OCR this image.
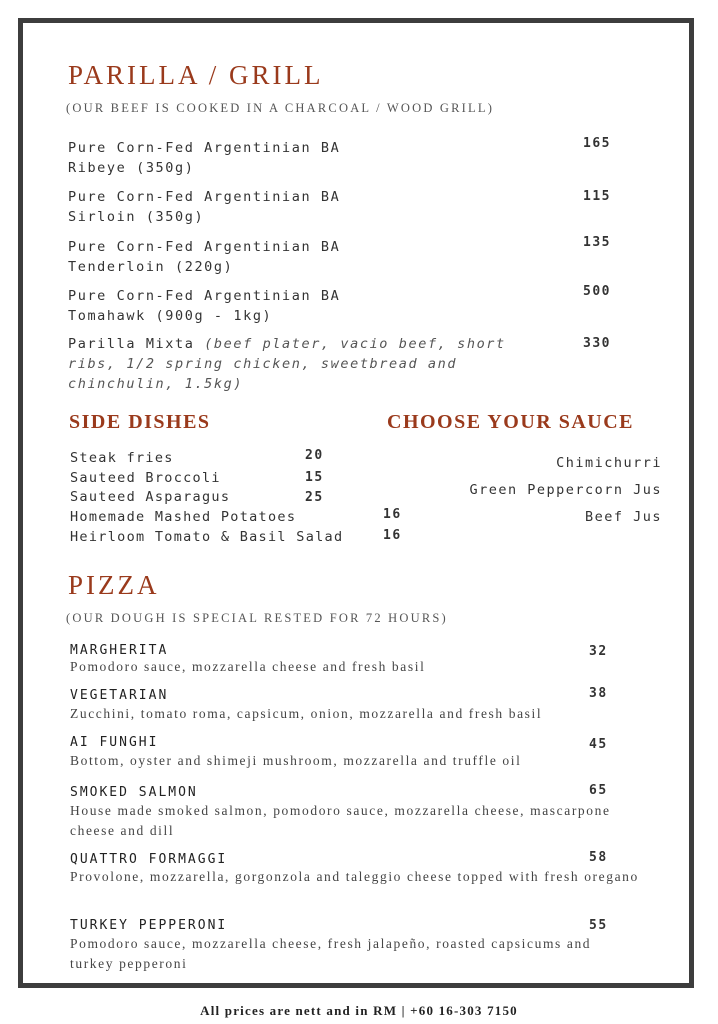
PARILLA / GRILL
(OUR BEEF IS COOKED IN A CHARCOAL / WOOD GRILL)
Pure Corn-Fed Argentinian BA
Ribeye (350g)
165
Pure Corn-Fed Argentinian BA
Sirloin (350g)
115
Pure Corn-Fed Argentinian BA
Tenderloin (220g)
135
Pure Corn-Fed Argentinian BA
Tomahawk (900g - 1kg)
500
Parilla Mixta (beef plater, vacio beef, short
ribs, 1/2 spring chicken, sweetbread and
chinchulin, 1.5kg)
330
SIDE DISHES
Steak fries	20
Sauteed Broccoli	15
Sauteed Asparagus	25
Homemade Mashed Potatoes	16
Heirloom Tomato & Basil Salad	16
CHOOSE YOUR SAUCE
Chimichurri
Green Peppercorn Jus
Beef Jus
PIZZA
(OUR DOUGH IS SPECIAL RESTED FOR 72 HOURS)
MARGHERITA	32
Pomodoro sauce, mozzarella cheese and fresh basil
VEGETARIAN	38
Zucchini, tomato roma, capsicum, onion, mozzarella and fresh basil
AI FUNGHI	45
Bottom, oyster and shimeji mushroom, mozzarella and truffle oil
SMOKED SALMON	65
House made smoked salmon, pomodoro sauce, mozzarella cheese, mascarpone cheese and dill
QUATTRO FORMAGGI	58
Provolone, mozzarella, gorgonzola and taleggio cheese topped with fresh oregano
TURKEY PEPPERONI	55
Pomodoro sauce, mozzarella cheese, fresh jalapeño, roasted capsicums and turkey pepperoni
All prices are nett and in RM | +60 16-303 7150
